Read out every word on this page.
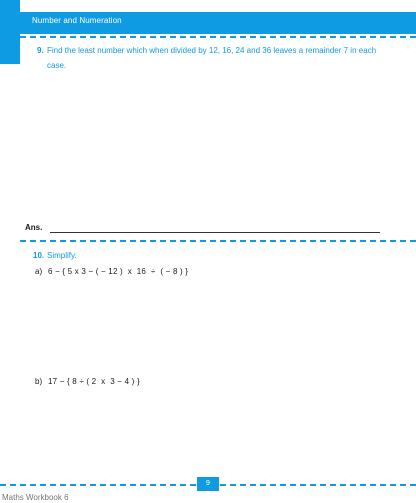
Number and Numeration
9. Find the least number which when divided by 12, 16, 24 and 36 leaves a remainder 7 in each case.
Ans.
10. Simplify.
a) 6 − { 5 x 3 − ( − 12 )  x  16  ÷  ( − 8 ) }
b) 17 − { 8 ÷ ( 2  x  3 − 4 ) }
9
Maths Workbook 6
